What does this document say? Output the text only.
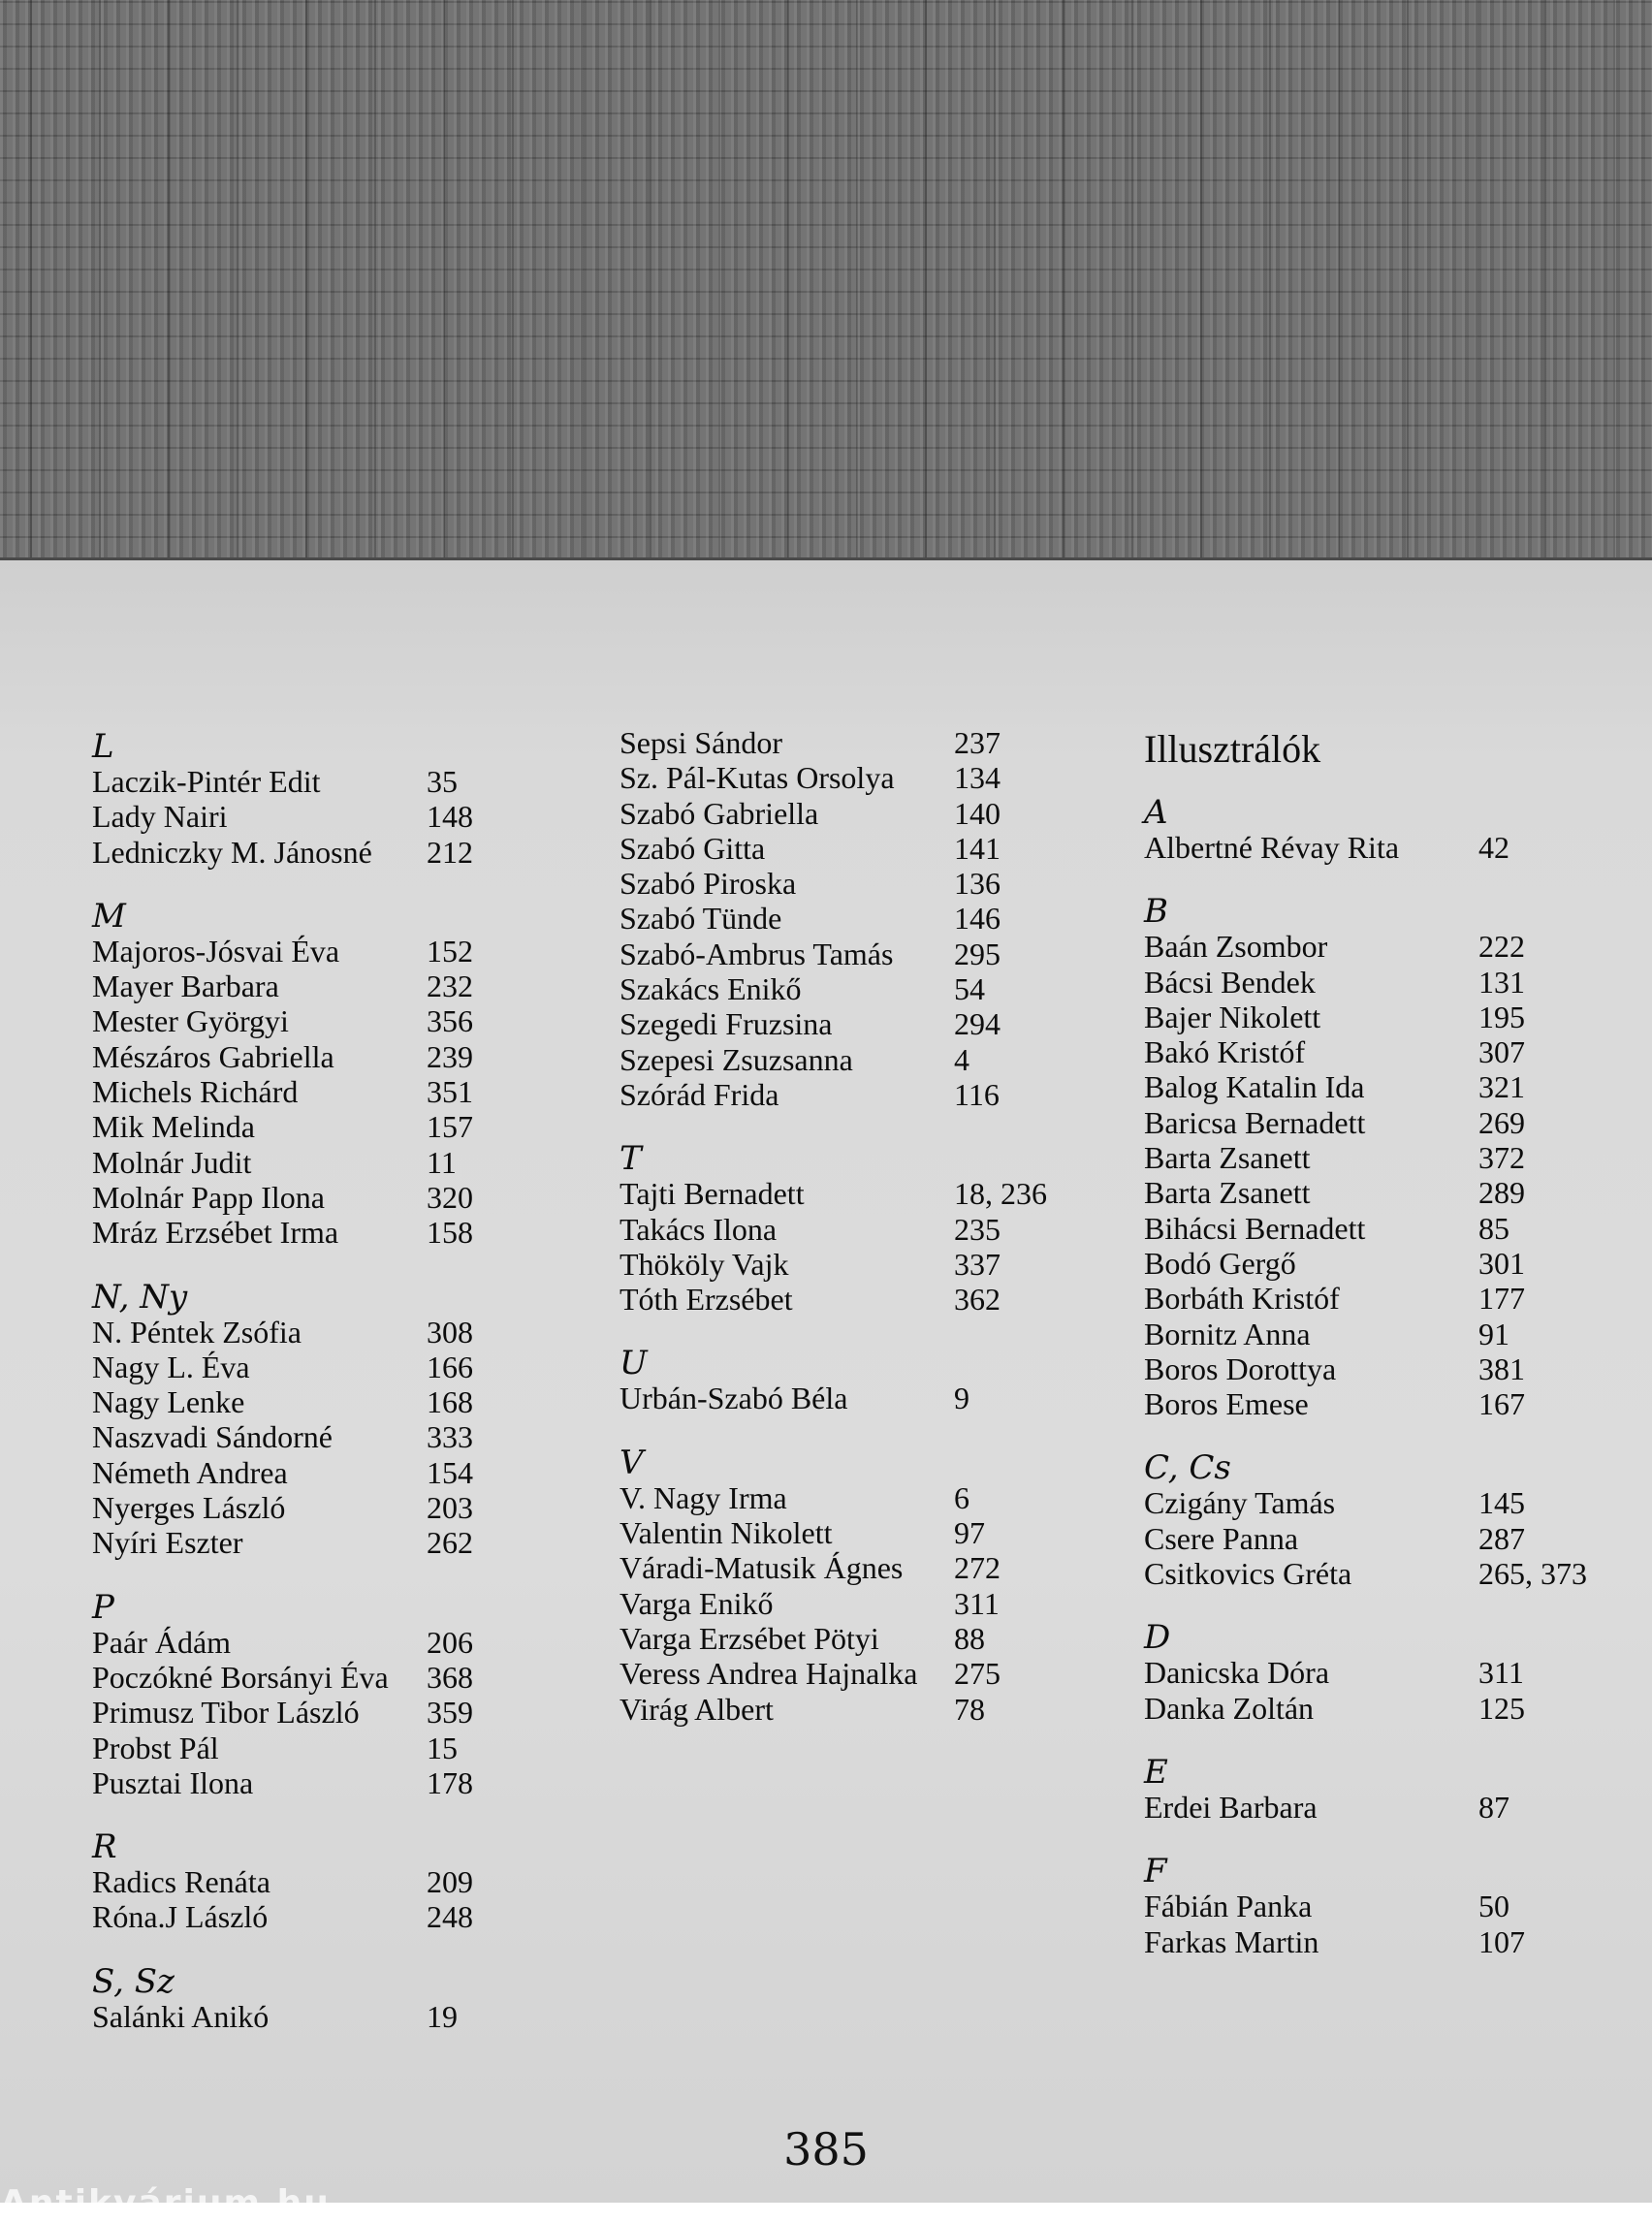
L
Laczik-Pintér Edit	35
Lady Nairi	148
Ledniczky M. Jánosné 212
M
Majoros-Jósvai Éva	152
Mayer Barbara	232
Mester Györgyi	356
Mészáros Gabriella	239
Michels Richárd	351
Mik Melinda	157
Molnár Judit	11
Molnár Papp Ilona	320
Mráz Erzsébet Irma	158
N, Ny
N. Péntek Zsófia	308
Nagy L. Éva	166
Nagy Lenke	168
Naszvadi Sándorné	333
Németh Andrea	154
Nyerges László	203
Nyíri Eszter	262
P
Paár Ádám	206
Poczókné Borsányi Éva 368
Primusz Tibor László 359
Probst Pál	15
Pusztai Ilona	178
R
Radics Renáta	209
Róna.J László	248
S, Sz
Salánki Anikó	19
Sepsi Sándor	237
Sz. Pál-Kutas Orsolya 134
Szabó Gabriella	140
Szabó Gitta	141
Szabó Piroska	136
Szabó Tünde	146
Szabó-Ambrus Tamás 295
Szakács Enikő	54
Szegedi Fruzsina	294
Szepesi Zsuzsanna	4
Szórád Frida	116
T
Tajti Bernadett	18, 236
Takács Ilona	235
Thököly Vajk	337
Tóth Erzsébet	362
U
Urbán-Szabó Béla	9
V
V. Nagy Irma	6
Valentin Nikolett	97
Váradi-Matusik Ágnes 272
Varga Enikő	311
Varga Erzsébet Pötyi 88
Veress Andrea Hajnalka 275
Virág Albert	78
Illusztrálók
A
Albertné Révay Rita	42
B
Baán Zsombor	222
Bácsi Bendek	131
Bajer Nikolett	195
Bakó Kristóf	307
Balog Katalin Ida	321
Baricsa Bernadett	269
Barta Zsanett	372
Barta Zsanett	289
Bihácsi Bernadett	85
Bodó Gergő	301
Borbáth Kristóf	177
Bornitz Anna	91
Boros Dorottya	381
Boros Emese	167
C, Cs
Czigány Tamás	145
Csere Panna	287
Csitkovics Gréta	265, 373
D
Danicska Dóra	311
Danka Zoltán	125
E
Erdei Barbara	87
F
Fábián Panka	50
Farkas Martin	107
385
Antikvárium.hu
